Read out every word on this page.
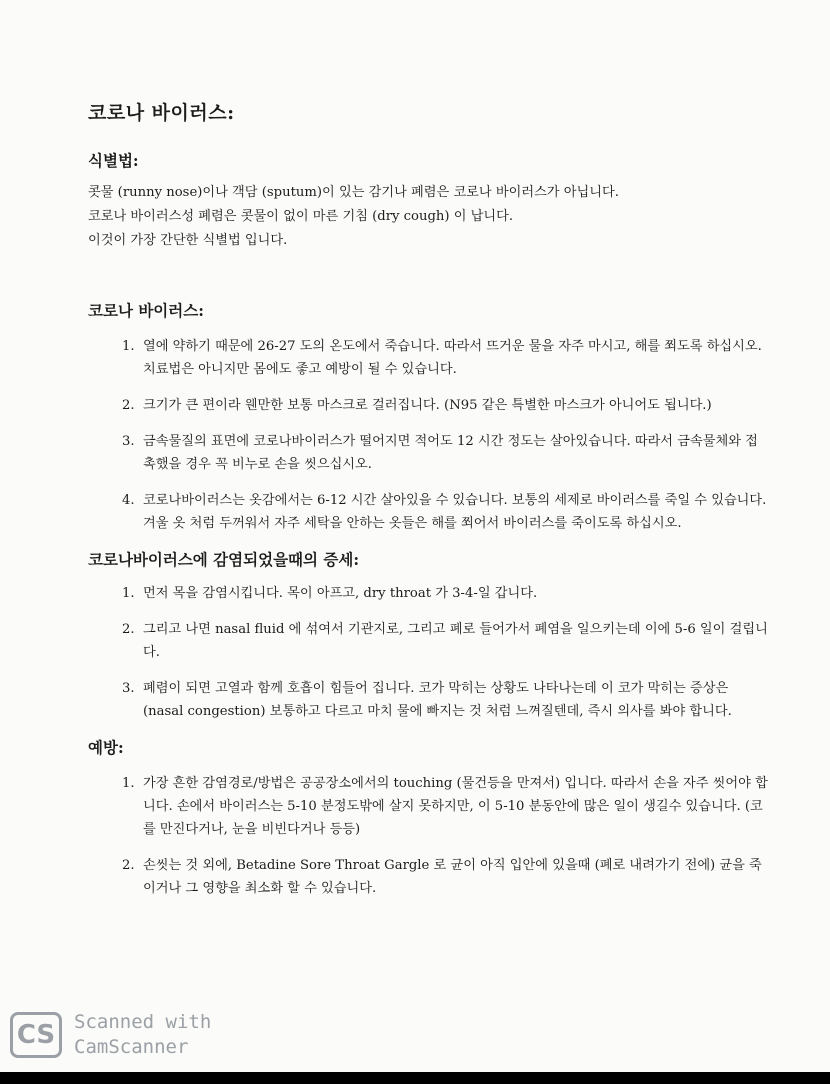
코로나 바이러스:
식별법:

콧물 (runny nose)이나 객담 (sputum)이 있는 감기나 폐렴은 코로나 바이러스가 아닙니다.

코로나 바이러스성 폐렴은 콧물이 없이 마른 기침 (dry cough) 이 납니다.

이것이 가장 간단한 식별법 입니다.

코로나 바이러스:
1. 열에 약하기 때문에 26-27 도의 온도에서 죽습니다. 따라서 뜨거운 물을 자주 마시고, 해를 쬐도록 하십시오. 치료법은 아니지만 몸에도 좋고 예방이 될 수 있습니다.
2. 크기가 큰 편이라 웬만한 보통 마스크로 걸러집니다. (N95 같은 특별한 마스크가 아니어도 됩니다.)
3. 금속물질의 표면에 코로나바이러스가 떨어지면 적어도 12 시간 정도는 살아있습니다. 따라서 금속물체와 접촉했을 경우 꼭 비누로 손을 씻으십시오.
4. 코로나바이러스는 옷감에서는 6-12 시간 살아있을 수 있습니다. 보통의 세제로 바이러스를 죽일 수 있습니다. 겨울 옷 처럼 두꺼워서 자주 세탁을 안하는 옷들은 해를 쬐어서 바이러스를 죽이도록 하십시오.
코로나바이러스에 감염되었을때의 증세:
1. 먼저 목을 감염시킵니다. 목이 아프고, dry throat 가 3-4-일 갑니다.
2. 그리고 나면 nasal fluid 에 섞여서 기관지로, 그리고 폐로 들어가서 폐염을 일으키는데 이에 5-6 일이 걸립니다.
3. 폐렴이 되면 고열과 함께 호흡이 힘들어 집니다. 코가 막히는 상황도 나타나는데 이 코가 막히는 증상은 (nasal congestion) 보통하고 다르고 마치 물에 빠지는 것 처럼 느껴질텐데, 즉시 의사를 봐야 합니다.
예방:
1. 가장 흔한 감염경로/방법은 공공장소에서의 touching (물건등을 만져서) 입니다. 따라서 손을 자주 씻어야 합니다. 손에서 바이러스는 5-10 분정도밖에 살지 못하지만, 이 5-10 분동안에 많은 일이 생길수 있습니다. (코를 만진다거나, 눈을 비빈다거나 등등)
2. 손씻는 것 외에, Betadine Sore Throat Gargle 로 균이 아직 입안에 있을때 (폐로 내려가기 전에) 균을 죽이거나 그 영향을 최소화 할 수 있습니다.
CS Scanned with
CamScanner
